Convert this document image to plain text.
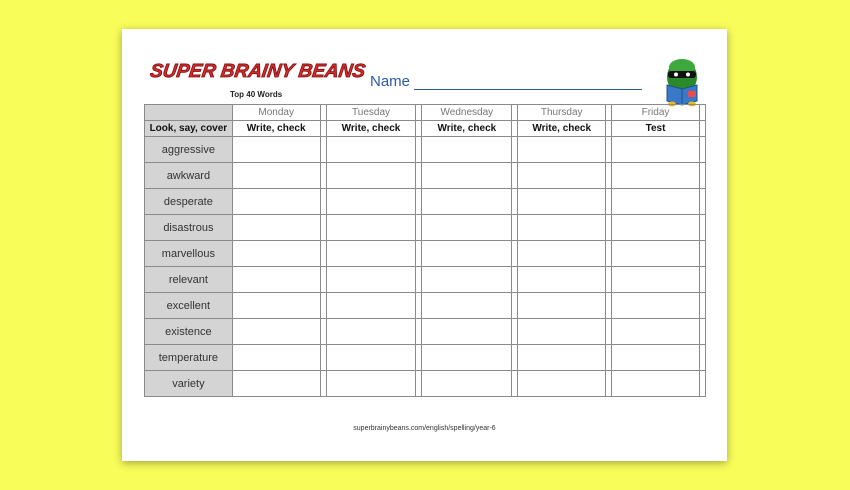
SUPER BRAINY BEANS
Top 40 Words
Name
	Monday		Tuesday		Wednesday		Thursday		Friday	
Look, say, cover	Write, check		Write, check		Write, check		Write, check		Test	
aggressive										
awkward										
desperate										
disastrous										
marvellous										
relevant										
excellent										
existence										
temperature										
variety										
superbrainybeans.com/english/spelling/year-6
